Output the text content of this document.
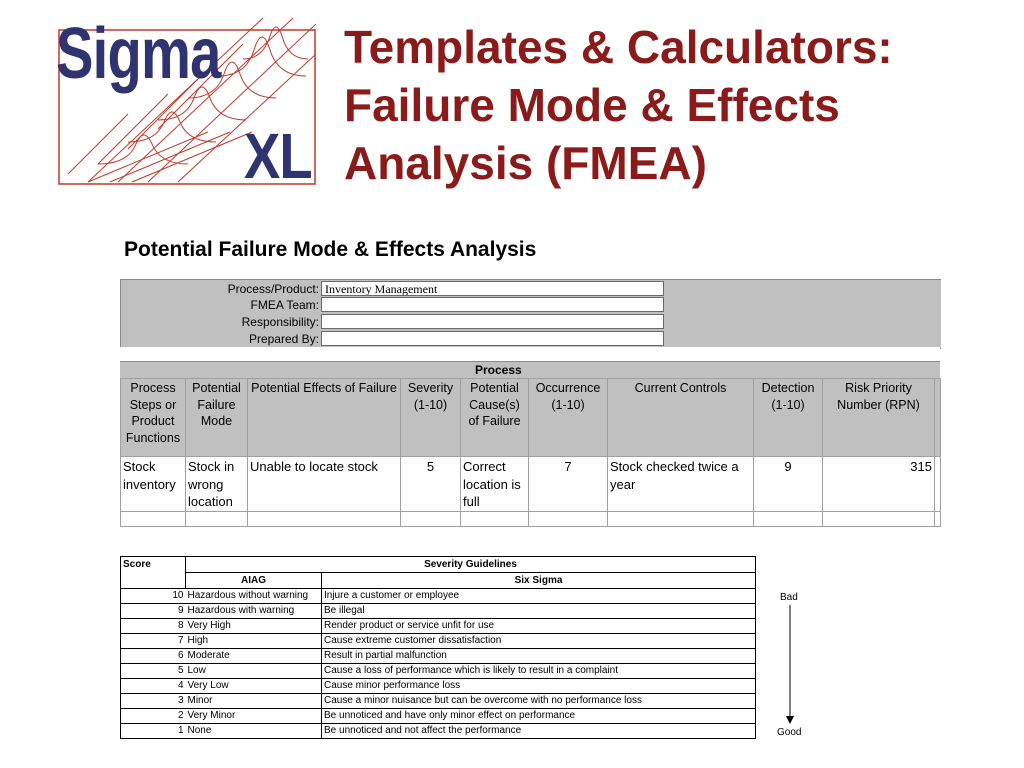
Sigma
XL
Templates & Calculators:
Failure Mode & Effects
Analysis (FMEA)
Potential Failure Mode & Effects Analysis
Process/Product: Inventory Management
FMEA Team:
Responsibility:
Prepared By:
Process
Process Steps or Product Functions	Potential Failure Mode	Potential Effects of Failure	Severity (1-10)	Potential Cause(s) of Failure	Occurrence (1-10)	Current Controls	Detection (1-10)	Risk Priority Number (RPN)	
Stock inventory	Stock in wrong location	Unable to locate stock	5	Correct location is full	7	Stock checked twice a year	9	315	

Score	Severity Guidelines	
	AIAG	Six Sigma
10	Hazardous without warning	Injure a customer or employee
9	Hazardous with warning	Be illegal
8	Very High	Render product or service unfit for use
7	High	Cause extreme customer dissatisfaction
6	Moderate	Result in partial malfunction
5	Low	Cause a loss of performance which is likely to result in a complaint
4	Very Low	Cause minor performance loss
3	Minor	Cause a minor nuisance but can be overcome with no performance loss
2	Very Minor	Be unnoticed and have only minor effect on performance
1	None	Be unnoticed and not affect the performance
Bad
Good
